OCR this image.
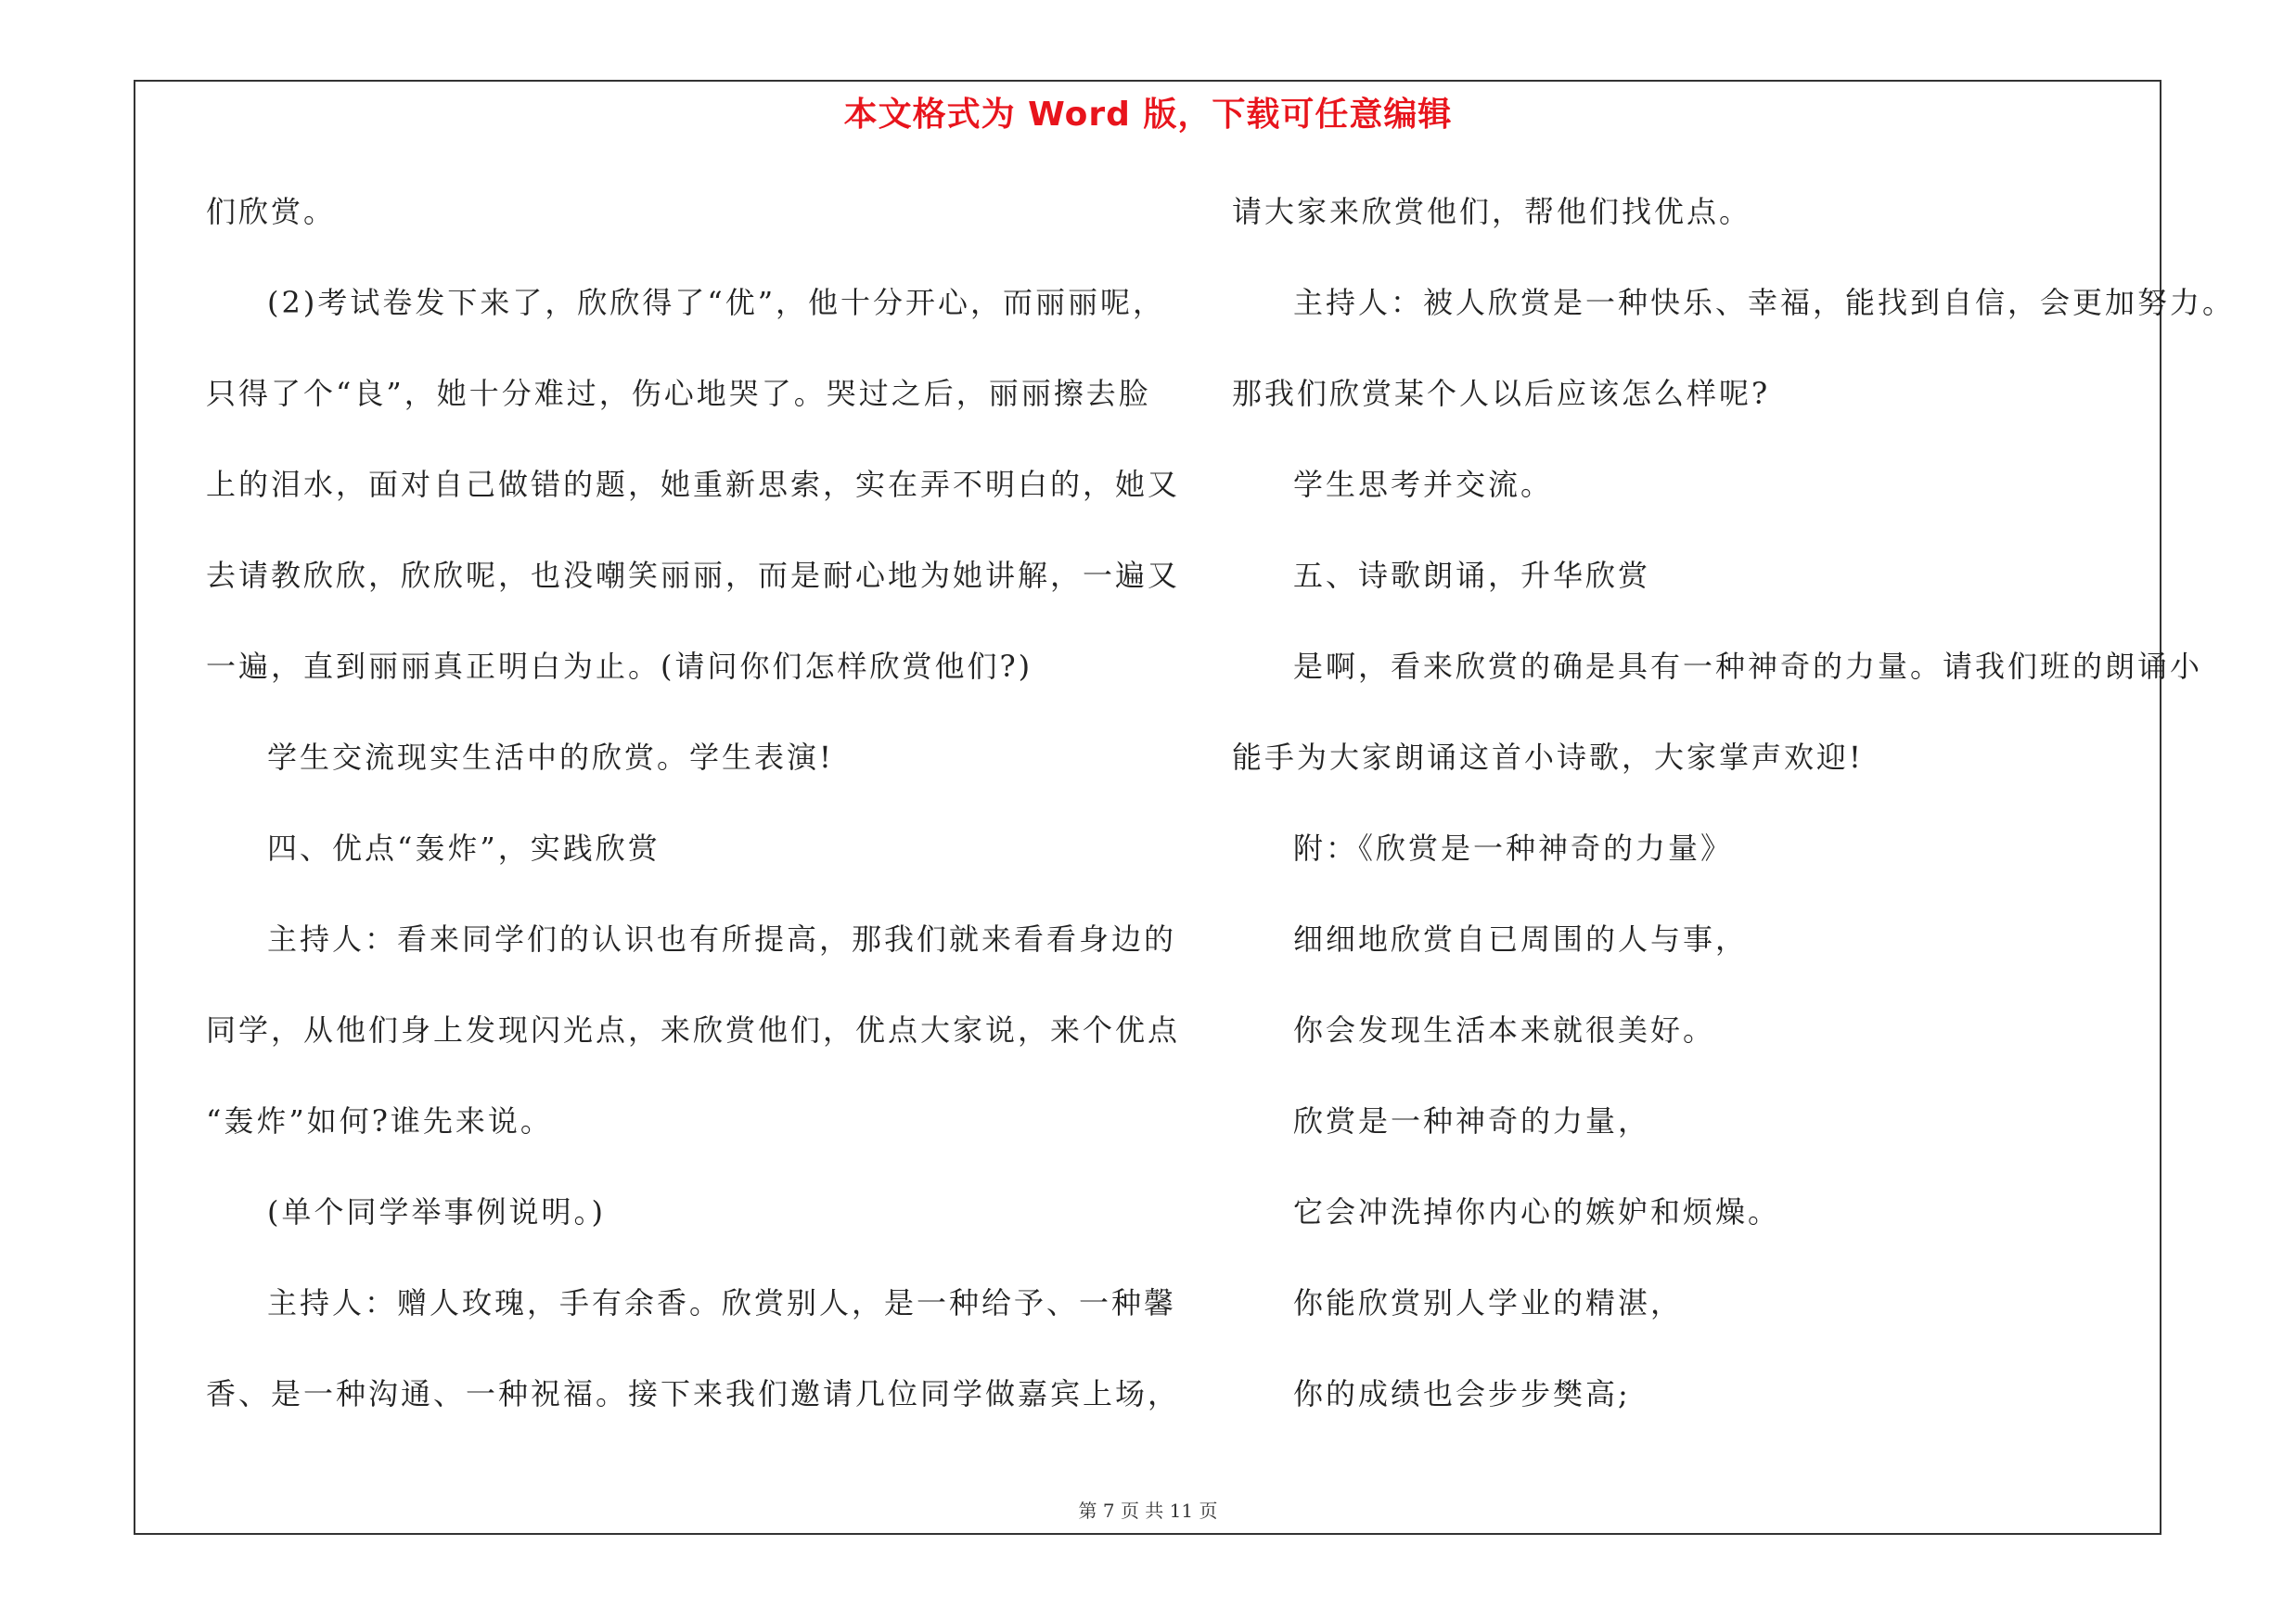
本文格式为 Word 版，下载可任意编辑
们欣赏。
(2)考试卷发下来了，欣欣得了“优”，他十分开心，而丽丽呢，
只得了个“良”，她十分难过，伤心地哭了。哭过之后，丽丽擦去脸
上的泪水，面对自己做错的题，她重新思索，实在弄不明白的，她又
去请教欣欣，欣欣呢，也没嘲笑丽丽，而是耐心地为她讲解，一遍又
一遍，直到丽丽真正明白为止。(请问你们怎样欣赏他们?)
学生交流现实生活中的欣赏。学生表演!
四、优点“轰炸”，实践欣赏
主持人：看来同学们的认识也有所提高，那我们就来看看身边的
同学，从他们身上发现闪光点，来欣赏他们，优点大家说，来个优点
“轰炸”如何?谁先来说。
(单个同学举事例说明。)
主持人：赠人玫瑰，手有余香。欣赏别人，是一种给予、一种馨
香、是一种沟通、一种祝福。接下来我们邀请几位同学做嘉宾上场，
请大家来欣赏他们，帮他们找优点。
主持人：被人欣赏是一种快乐、幸福，能找到自信，会更加努力。
那我们欣赏某个人以后应该怎么样呢?
学生思考并交流。
五、诗歌朗诵，升华欣赏
是啊，看来欣赏的确是具有一种神奇的力量。请我们班的朗诵小
能手为大家朗诵这首小诗歌，大家掌声欢迎!
附：《欣赏是一种神奇的力量》
细细地欣赏自已周围的人与事，
你会发现生活本来就很美好。
欣赏是一种神奇的力量，
它会冲洗掉你内心的嫉妒和烦燥。
你能欣赏别人学业的精湛，
你的成绩也会步步樊高;
第 7 页 共 11 页
